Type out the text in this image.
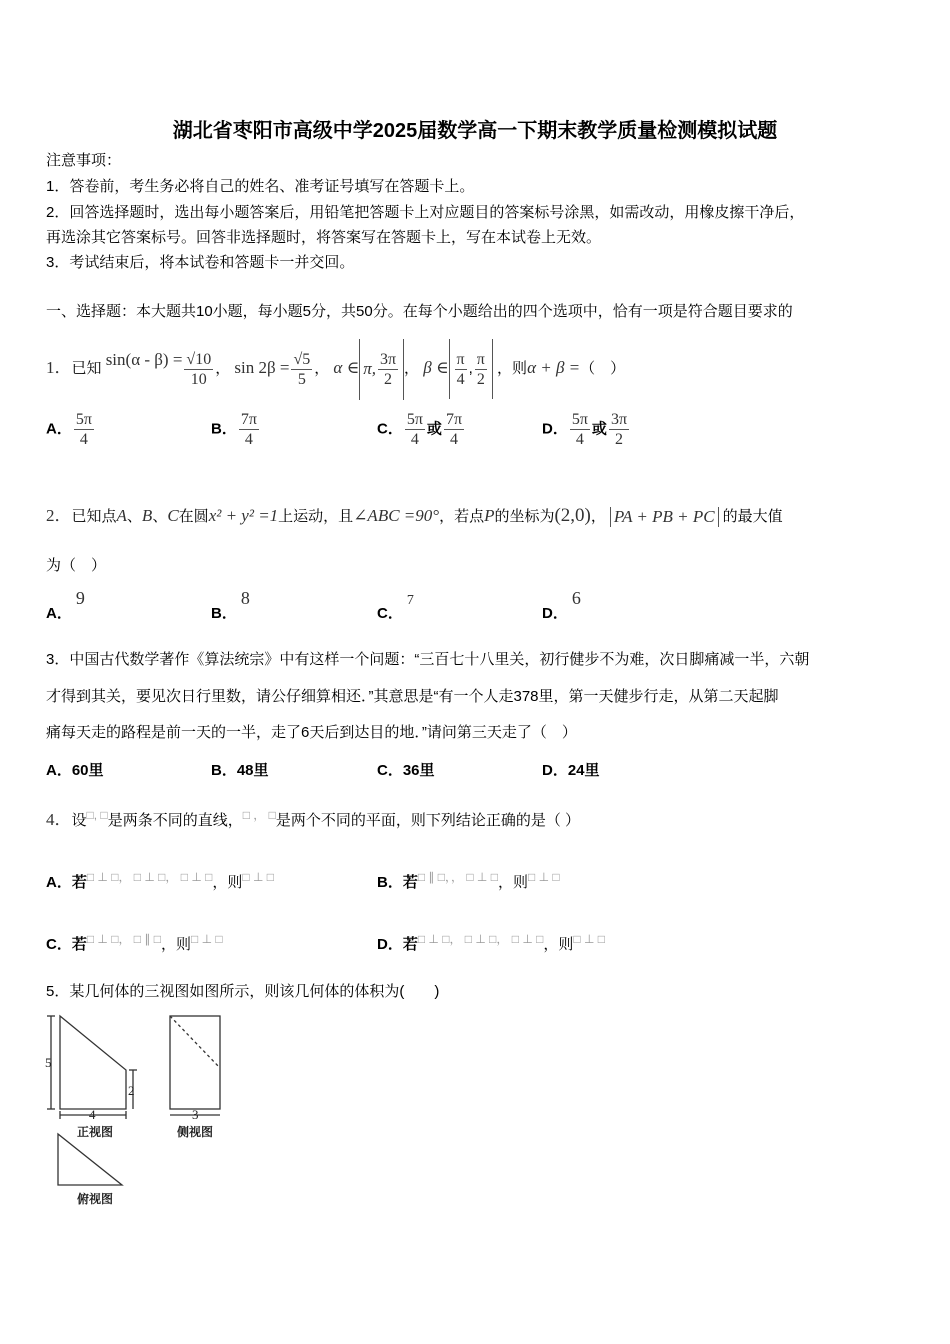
湖北省枣阳市高级中学2025届数学高一下期末教学质量检测模拟试题
注意事项：
1．答卷前，考生务必将自己的姓名、准考证号填写在答题卡上。
2．回答选择题时，选出每小题答案后，用铅笔把答题卡上对应题目的答案标号涂黑，如需改动，用橡皮擦干净后，
再选涂其它答案标号。回答非选择题时，将答案写在答题卡上，写在本试卷上无效。
3．考试结束后，将本试卷和答题卡一并交回。
一、选择题：本大题共10小题，每小题5分，共50分。在每个小题给出的四个选项中，恰有一项是符合题目要求的
1．已知 $\sin(\alpha - \beta) = \frac{√10}{10}$ ， $\sin 2\beta = \frac{√5}{5}$ ， α ∈ π, $\frac{3\pi}{2}$ ， β ∈ $\frac{\pi}{4}$ , $\frac{\pi}{2}$ ，则α + β =（　）
A． $\frac{5\pi}{4}$	B． $\frac{7\pi}{4}$	C． $\frac{5\pi}{4}$ 或 $\frac{7\pi}{4}$	D． $\frac{5\pi}{4}$ 或 $\frac{3\pi}{2}$
2．已知点A、B、C在圆x² + y² =1上运动，且∠ABC =90°，若点P的坐标为(2,0)， PA + PB + PC 的最大值
为（　）
A．9
B．8
C．7
D．6
3．中国古代数学著作《算法统宗》中有这样一个问题：“三百七十八里关，初行健步不为难，次日脚痛减一半，六朝
才得到其关，要见次日行里数，请公仔细算相还．”其意思是“有一个人走378里，第一天健步行走，从第二天起脚
痛每天走的路程是前一天的一半，走了6天后到达目的地．”请问第三天走了（　）
A．60里	B．48里	C．36里	D．24里
4．设□, □是两条不同的直线，□ ， □是两个不同的平面，则下列结论正确的是（ ）
A．若□ ⊥ □， □ ⊥ □， □ ⊥ □，则□ ⊥ □	B．若□ ∥ □，， □ ⊥ □，则□ ⊥ □
C．若□ ⊥ □， □ ∥ □，则□ ⊥ □	D．若□ ⊥ □， □ ⊥ □， □ ⊥ □，则□ ⊥ □
5．某几何体的三视图如图所示，则该几何体的体积为(　　)
5
2
4	3
正视图	侧视图
俯视图
